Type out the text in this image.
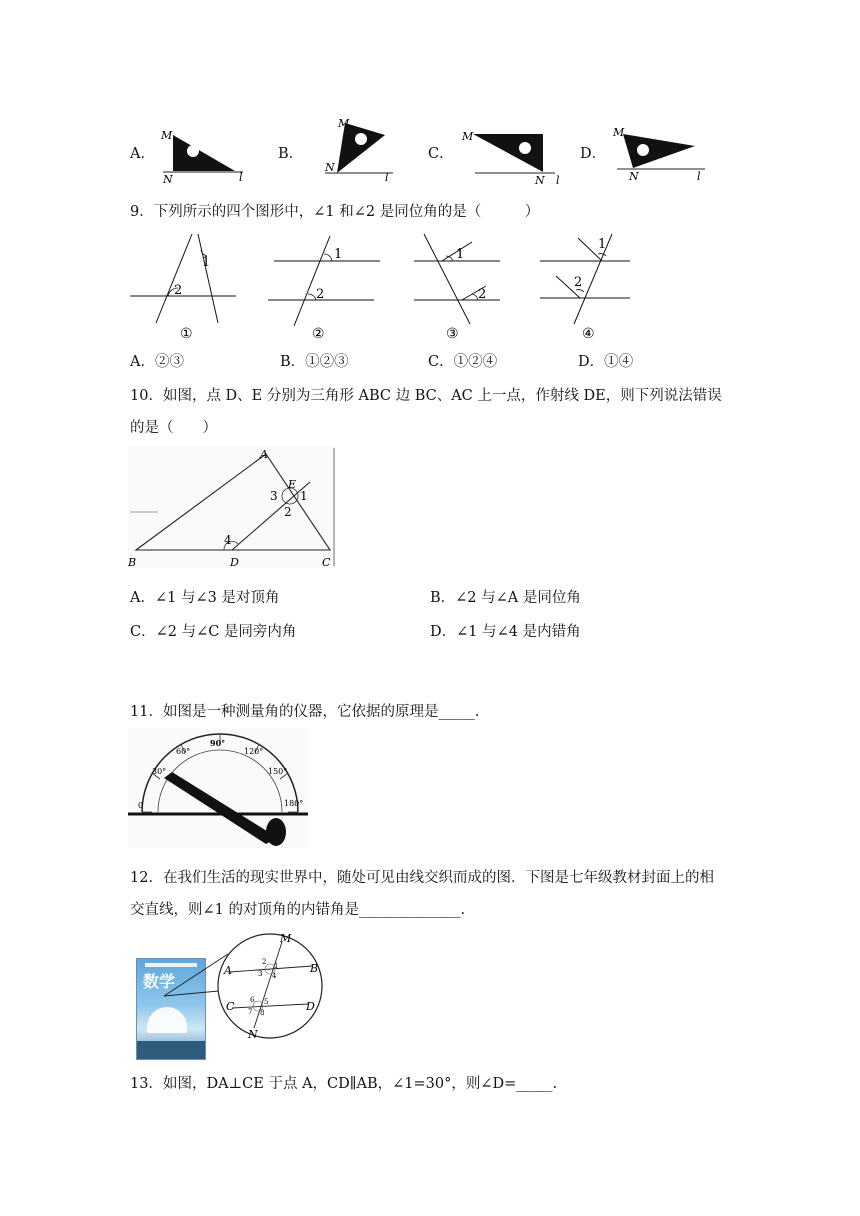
A．
M
N	l
B．
M
N
l
C．
M
N l
D．
M
N	l
9．下列所示的四个图形中，∠1 和∠2 是同位角的是（　　　）
1
2
①
1
2
②
1
2
③
1
2
④
A．②③	B．①②③	C．①②④	D．①④
10．如图，点 D、E 分别为三角形 ABC 边 BC、AC 上一点，作射线 DE，则下列说法错误
的是（　　）
A
B	C
D
E
1
2
3
4
A．∠1 与∠3 是对顶角	B．∠2 与∠A 是同位角
C．∠2 与∠C 是同旁内角	D．∠1 与∠4 是内错角
11．如图是一种测量角的仪器，它依据的原理是_____.
0
30°
60°
90°
120°
150°
180°
12．在我们生活的现实世界中，随处可见由线交织而成的图．下图是七年级教材封面上的相
交直线，则∠1 的对顶角的内错角是______________.
数学
M
N
A	B
C	D
1
2
3 4
5
6
7 8
13．如图，DA⊥CE 于点 A，CD∥AB，∠1=30°，则∠D=_____.
